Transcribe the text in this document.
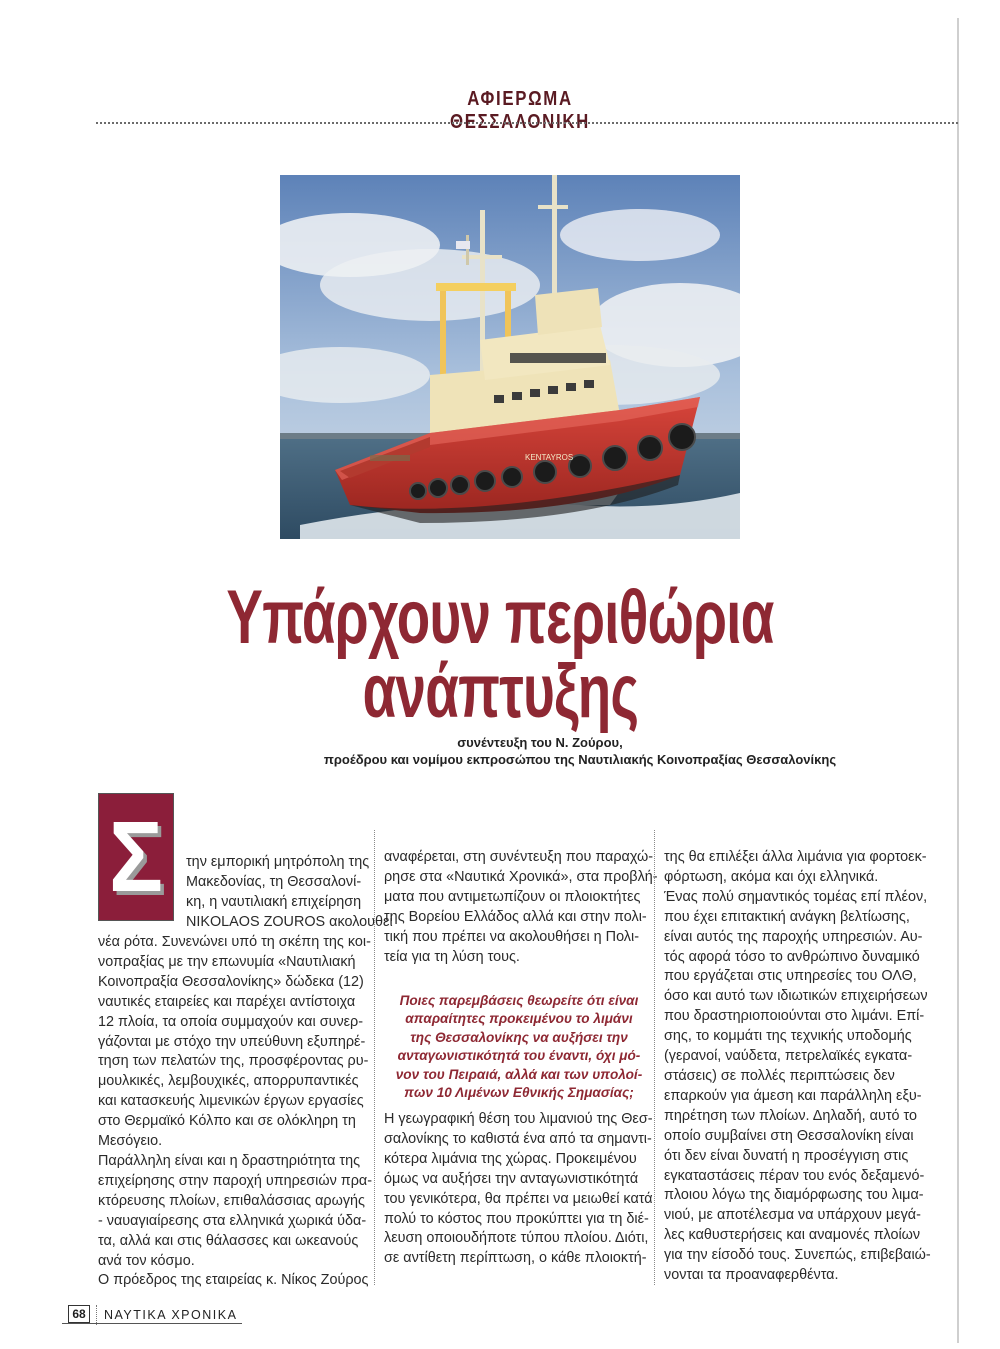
ΑΦΙΕΡΩΜΑ ΘΕΣΣΑΛΟΝΙΚΗ
KENTAYROS
Υπάρχουν περιθώρια
ανάπτυξης
συνέντευξη του Ν. Ζούρου,
προέδρου και νομίμου εκπροσώπου της Ναυτιλιακής Κοινοπραξίας Θεσσαλονίκης
Σ την εμπορική μητρόπολη της
Μακεδονίας, τη Θεσσαλονί-
κη, η ναυτιλιακή επιχείρηση
NIKOLAOS ZOUROS ακολουθεί
νέα ρότα. Συνενώνει υπό τη σκέπη της κοι-
νοπραξίας με την επωνυμία «Ναυτιλιακή
Κοινοπραξία Θεσσαλονίκης» δώδεκα (12)
ναυτικές εταιρείες και παρέχει αντίστοιχα
12 πλοία, τα οποία συμμαχούν και συνερ-
γάζονται με στόχο την υπεύθυνη εξυπηρέ-
τηση των πελατών της, προσφέροντας ρυ-
μουλκικές, λεμβουχικές, απορρυπαντικές
και κατασκευής λιμενικών έργων εργασίες
στο Θερμαϊκό Κόλπο και σε ολόκληρη τη
Μεσόγειο.
Παράλληλη είναι και η δραστηριότητα της
επιχείρησης στην παροχή υπηρεσιών πρα-
κτόρευσης πλοίων, επιθαλάσσιας αρωγής
- ναυαγιαίρεσης στα ελληνικά χωρικά ύδα-
τα, αλλά και στις θάλασσες και ωκεανούς
ανά τον κόσμο.
Ο πρόεδρος της εταιρείας κ. Νίκος Ζούρος
αναφέρεται, στη συνέντευξη που παραχώ-
ρησε στα «Ναυτικά Χρονικά», στα προβλή-
ματα που αντιμετωπίζουν οι πλοιοκτήτες
της Βορείου Ελλάδος αλλά και στην πολι-
τική που πρέπει να ακολουθήσει η Πολι-
τεία για τη λύση τους.
Ποιες παρεμβάσεις θεωρείτε ότι είναι
απαραίτητες προκειμένου το λιμάνι
της Θεσσαλονίκης να αυξήσει την
ανταγωνιστικότητά του έναντι, όχι μό-
νον του Πειραιά, αλλά και των υπολοί-
πων 10 Λιμένων Εθνικής Σημασίας;
Η γεωγραφική θέση του λιμανιού της Θεσ-
σαλονίκης το καθιστά ένα από τα σημαντι-
κότερα λιμάνια της χώρας. Προκειμένου
όμως να αυξήσει την ανταγωνιστικότητά
του γενικότερα, θα πρέπει να μειωθεί κατά
πολύ το κόστος που προκύπτει για τη διέ-
λευση οποιουδήποτε τύπου πλοίου. Διότι,
σε αντίθετη περίπτωση, ο κάθε πλοιοκτή-
της θα επιλέξει άλλα λιμάνια για φορτοεκ-
φόρτωση, ακόμα και όχι ελληνικά.
Ένας πολύ σημαντικός τομέας επί πλέον,
που έχει επιτακτική ανάγκη βελτίωσης,
είναι αυτός της παροχής υπηρεσιών. Αυ-
τός αφορά τόσο το ανθρώπινο δυναμικό
που εργάζεται στις υπηρεσίες του ΟΛΘ,
όσο και αυτό των ιδιωτικών επιχειρήσεων
που δραστηριοποιούνται στο λιμάνι. Επί-
σης, το κομμάτι της τεχνικής υποδομής
(γερανοί, ναύδετα, πετρελαϊκές εγκατα-
στάσεις) σε πολλές περιπτώσεις δεν
επαρκούν για άμεση και παράλληλη εξυ-
πηρέτηση των πλοίων. Δηλαδή, αυτό το
οποίο συμβαίνει στη Θεσσαλονίκη είναι
ότι δεν είναι δυνατή η προσέγγιση στις
εγκαταστάσεις πέραν του ενός δεξαμενό-
πλοιου λόγω της διαμόρφωσης του λιμα-
νιού, με αποτέλεσμα να υπάρχουν μεγά-
λες καθυστερήσεις και αναμονές πλοίων
για την είσοδό τους. Συνεπώς, επιβεβαιώ-
νονται τα προαναφερθέντα.
68	ΝΑΥΤΙΚΑ ΧΡΟΝΙΚΑ
